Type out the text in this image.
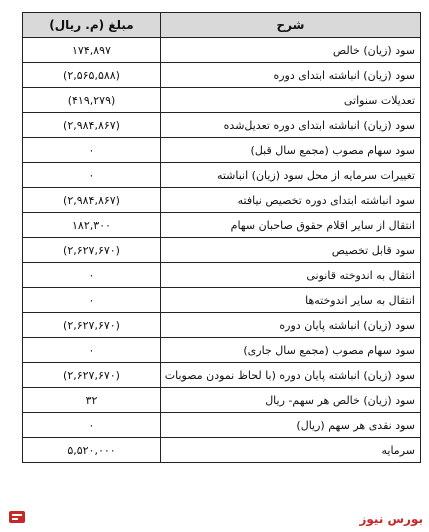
شرح	مبلغ (م. ریال)
سود (زیان) خالص	۱۷۴,۸۹۷
سود (زیان) انباشته ابتدای دوره	(۲,۵۶۵,۵۸۸)
تعدیلات سنواتی	(۴۱۹,۲۷۹)
سود (زیان) انباشته ابتدای دوره تعدیل‌شده	(۲,۹۸۴,۸۶۷)
سود سهام مصوب (مجمع سال قبل)	۰
تغییرات سرمایه از محل سود (زیان) انباشته	۰
سود انباشته ابتدای دوره تخصیص نیافته	(۲,۹۸۴,۸۶۷)
انتقال از سایر اقلام حقوق صاحبان سهام	۱۸۲,۳۰۰
سود قابل تخصیص	(۲,۶۲۷,۶۷۰)
انتقال به اندوخته قانونی	۰
انتقال به سایر اندوخته‌ها	۰
سود (زیان) انباشته پایان دوره	(۲,۶۲۷,۶۷۰)
سود سهام مصوب (مجمع سال جاری)	۰
سود (زیان) انباشته پایان دوره (با لحاظ نمودن مصوبات	(۲,۶۲۷,۶۷۰)
سود (زیان) خالص هر سهم- ریال	۳۲
سود نقدی هر سهم (ریال)	۰
سرمایه	۵,۵۲۰,۰۰۰
بورس نیوز
